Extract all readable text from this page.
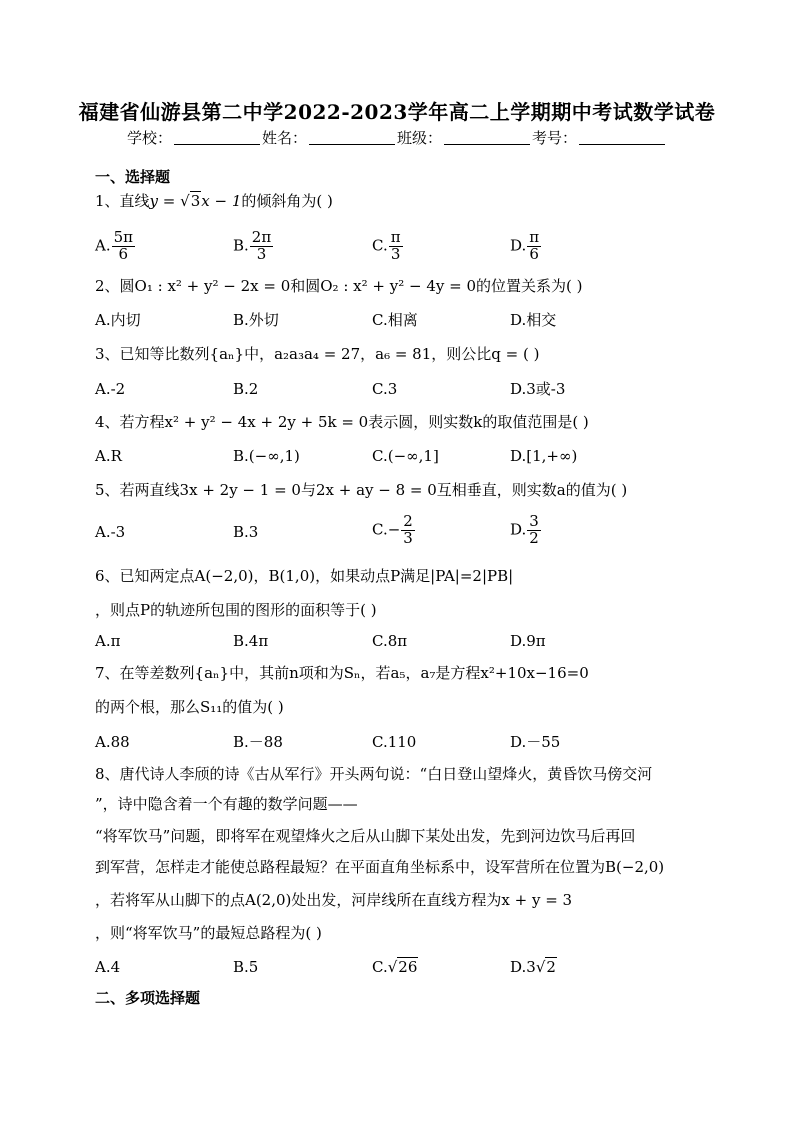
福建省仙游县第二中学2022-2023学年高二上学期期中考试数学试卷
学校：	姓名：	班级：	考号：
一、选择题
1、直线y = √3x − 1的倾斜角为( )
A. $\frac{5\pi}{6}$	B. $\frac{2\pi}{3}$	C. $\frac{\pi}{3}$	D. $\frac{\pi}{6}$
2、圆O₁ : x² + y² − 2x = 0和圆O₂ : x² + y² − 4y = 0的位置关系为( )
A.内切	B.外切	C.相离	D.相交
3、已知等比数列{aₙ}中，a₂a₃a₄ = 27，a₆ = 81，则公比q = ( )
A.-2	B.2	C.3	D.3或-3
4、若方程x² + y² − 4x + 2y + 5k = 0表示圆，则实数k的取值范围是( )
A.R	B.(−∞,1)	C.(−∞,1]	D.[1,+∞)
5、若两直线3x + 2y − 1 = 0与2x + ay − 8 = 0互相垂直，则实数a的值为( )
A.-3	B.3	$C.- \frac{2}{3}$	D. $\frac{3}{2}$
6、已知两定点A(−2,0)，B(1,0)，如果动点P满足|PA|=2|PB|
，则点P的轨迹所包围的图形的面积等于( )
A.π	B.4π	C.8π	D.9π
7、在等差数列{aₙ}中，其前n项和为Sₙ，若a₅，a₇是方程x²+10x−16=0
的两个根，那么S₁₁的值为( )
A.88	B.－88	C.110	D.－55
8、唐代诗人李颀的诗《古从军行》开头两句说：“白日登山望烽火，黄昏饮马傍交河
”，诗中隐含着一个有趣的数学问题——
“将军饮马”问题，即将军在观望烽火之后从山脚下某处出发，先到河边饮马后再回
到军营，怎样走才能使总路程最短？在平面直角坐标系中，设军营所在位置为B(−2,0)
，若将军从山脚下的点A(2,0)处出发，河岸线所在直线方程为x + y = 3
，则“将军饮马”的最短总路程为( )
A.4	B.5	C.√26	D.3√2
二、多项选择题
